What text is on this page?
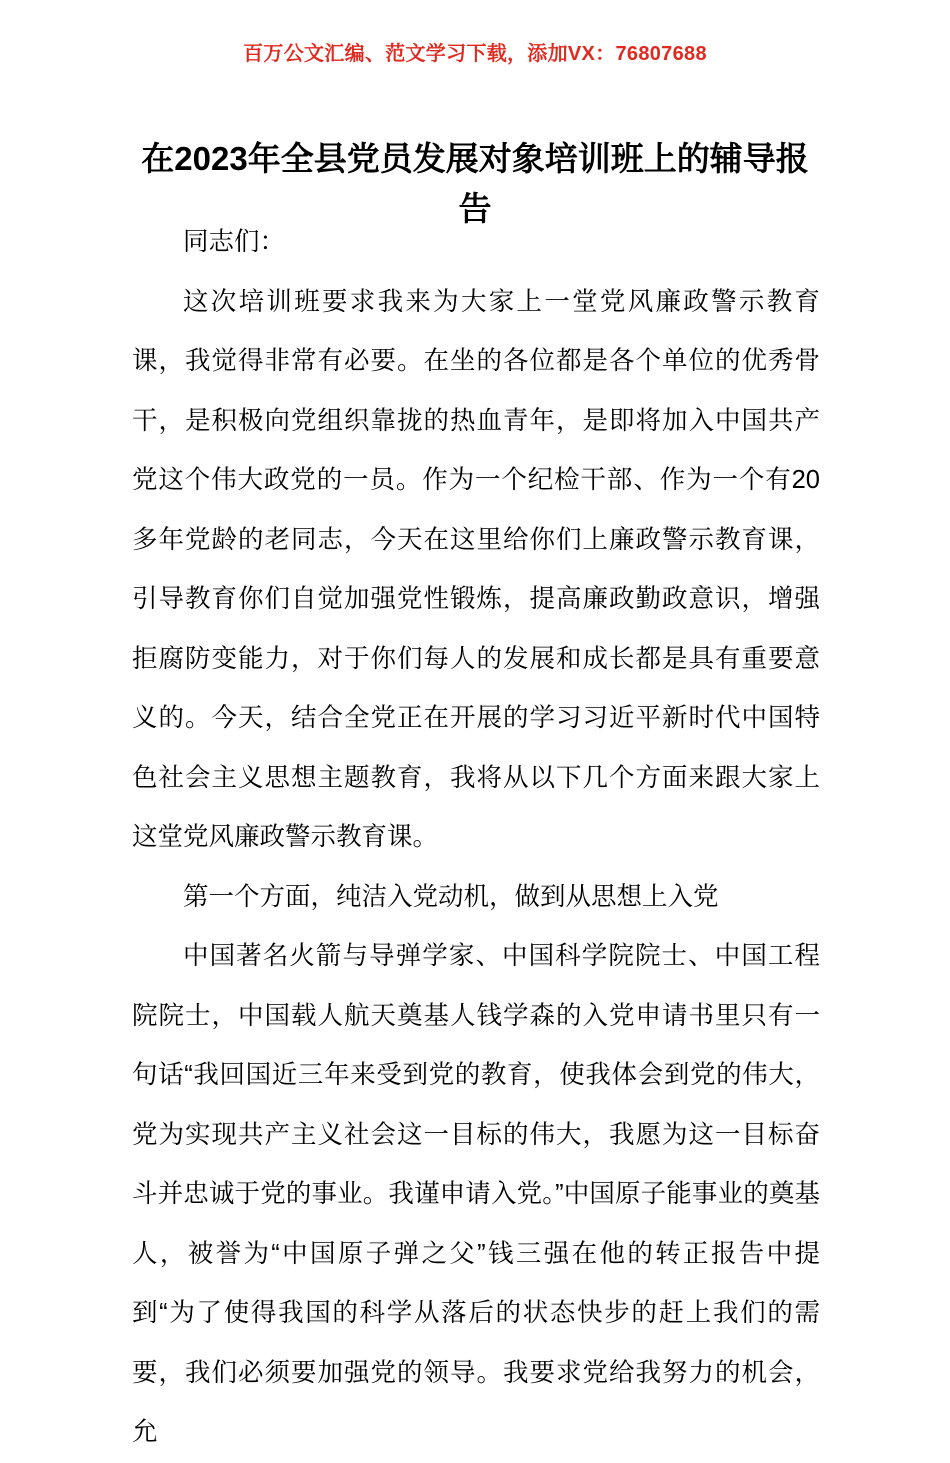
百万公文汇编、范文学习下载，添加VX：76807688
在2023年全县党员发展对象培训班上的辅导报告

同志们：

这次培训班要求我来为大家上一堂党风廉政警示教育课，我觉得非常有必要。在坐的各位都是各个单位的优秀骨干，是积极向党组织靠拢的热血青年，是即将加入中国共产党这个伟大政党的一员。作为一个纪检干部、作为一个有20多年党龄的老同志，今天在这里给你们上廉政警示教育课，引导教育你们自觉加强党性锻炼，提高廉政勤政意识，增强拒腐防变能力，对于你们每人的发展和成长都是具有重要意义的。今天，结合全党正在开展的学习习近平新时代中国特色社会主义思想主题教育，我将从以下几个方面来跟大家上这堂党风廉政警示教育课。

第一个方面，纯洁入党动机，做到从思想上入党

中国著名火箭与导弹学家、中国科学院院士、中国工程院院士，中国载人航天奠基人钱学森的入党申请书里只有一句话“我回国近三年来受到党的教育，使我体会到党的伟大，党为实现共产主义社会这一目标的伟大，我愿为这一目标奋斗并忠诚于党的事业。我谨申请入党。”中国原子能事业的奠基人，被誉为“中国原子弹之父”钱三强在他的转正报告中提到“为了使得我国的科学从落后的状态快步的赶上我们的需要，我们必须要加强党的领导。我要求党给我努力的机会，允
